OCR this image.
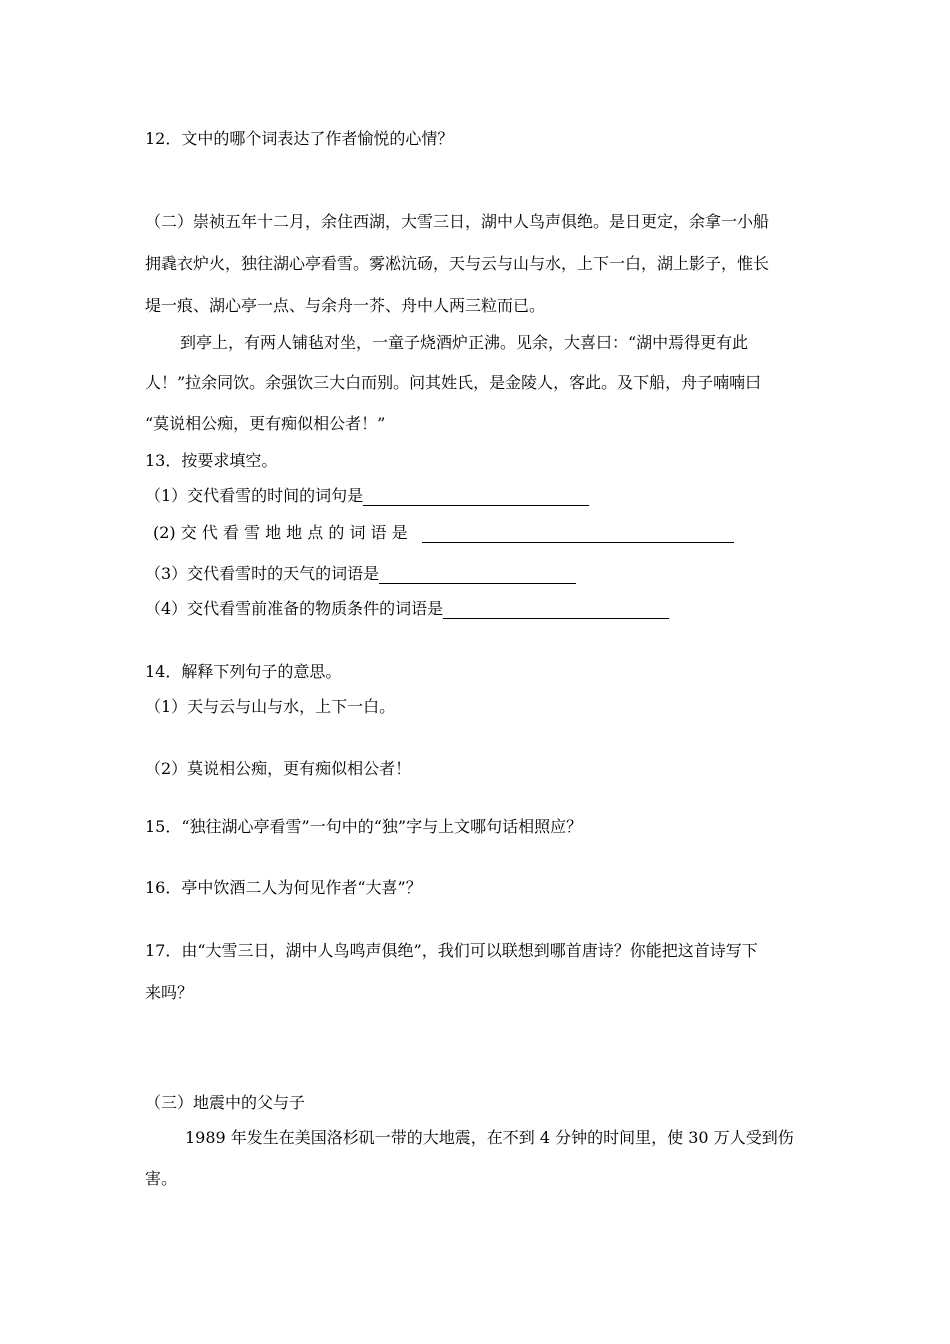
12．文中的哪个词表达了作者愉悦的心情？
（二）崇祯五年十二月，余住西湖，大雪三日，湖中人鸟声俱绝。是日更定，余拿一小船
拥毳衣炉火，独往湖心亭看雪。雾凇沆砀，天与云与山与水，上下一白，湖上影子，惟长
堤一痕、湖心亭一点、与余舟一芥、舟中人两三粒而已。
到亭上，有两人铺毡对坐，一童子烧酒炉正沸。见余，大喜曰：“湖中焉得更有此
人！”拉余同饮。余强饮三大白而别。问其姓氏，是金陵人，客此。及下船，舟子喃喃曰
“莫说相公痴，更有痴似相公者！”
13．按要求填空。
（1）交代看雪的时间的词句是
(2) 交 代 看 雪 地 地 点 的 词 语 是
（3）交代看雪时的天气的词语是
（4）交代看雪前准备的物质条件的词语是
14．解释下列句子的意思。
（1）天与云与山与水，上下一白。
（2）莫说相公痴，更有痴似相公者！
15．“独往湖心亭看雪”一句中的“独”字与上文哪句话相照应？
16．亭中饮酒二人为何见作者“大喜”？
17．由“大雪三日，湖中人鸟鸣声俱绝”，我们可以联想到哪首唐诗？你能把这首诗写下
来吗？
（三）地震中的父与子
1989 年发生在美国洛杉矶一带的大地震，在不到 4 分钟的时间里，使 30 万人受到伤
害。
